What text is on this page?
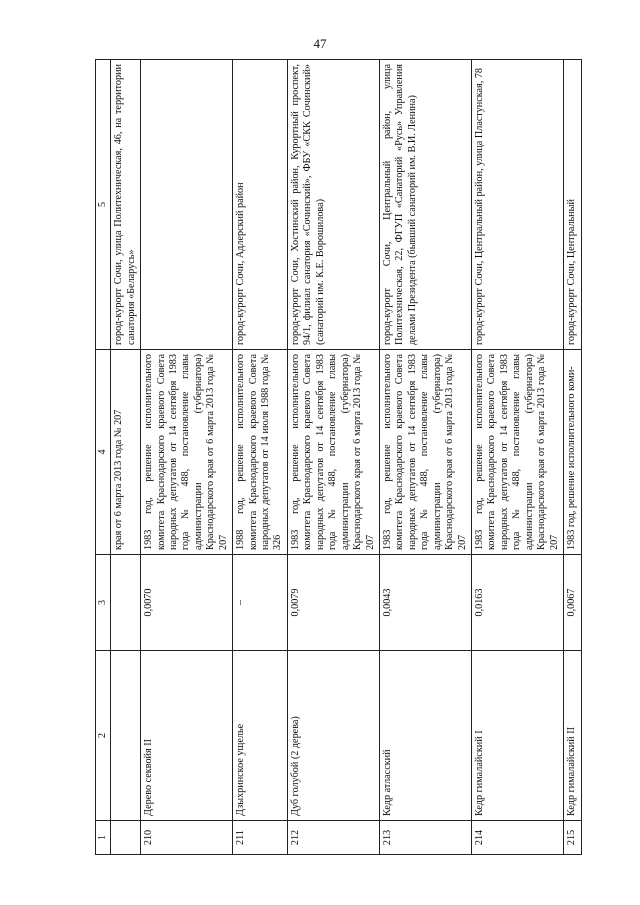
47
1	2	3	4	5
			края от 6 марта 2013 года № 207	город-курорт Сочи, улица Политехническая, 46, на территории санатория «Беларусь»
210	Дерево секвойя II	0,0070	1983 год, решение исполнительного комитета Краснодарского краевого Совета народных депутатов от 14 сентября 1983 года № 488, постановление главы администрации (губернатора) Краснодарского края от 6 марта 2013 года № 207	
211	Дзыхринское ущелье	–	1988 год, решение исполнительного комитета Краснодарского краевого Совета народных депутатов от 14 июля 1988 года № 326	город-курорт Сочи, Адлерский район
212	Дуб голубой (2 дерева)	0,0079	1983 год, решение исполнительного комитета Краснодарского краевого Совета народных депутатов от 14 сентября 1983 года № 488, постановление главы администрации (губернатора) Краснодарского края от 6 марта 2013 года № 207	город-курорт Сочи, Хостинский район, Курортный проспект, 94/1, филиал санатория «Сочинский», ФБУ «СКК Сочинский» (санаторий им. К.Е. Ворошилова)
213	Кедр атласский	0,0043	1983 год, решение исполнительного комитета Краснодарского краевого Совета народных депутатов от 14 сентября 1983 года № 488, постановление главы администрации (губернатора) Краснодарского края от 6 марта 2013 года № 207	город-курорт Сочи, Центральный район, улица Политехническая, 22, ФГУП «Санаторий «Русь» Управления делами Президента (бывший санаторий им. В.И. Ленина)
214	Кедр гималайский I	0,0163	1983 год, решение исполнительного комитета Краснодарского краевого Совета народных депутатов от 14 сентября 1983 года № 488, постановление главы администрации (губернатора) Краснодарского края от 6 марта 2013 года № 207	город-курорт Сочи, Центральный район, улица Пластунская, 78
215	Кедр гималайский II	0,0067	1983 год, решение исполнительного коми-	город-курорт Сочи, Центральный
